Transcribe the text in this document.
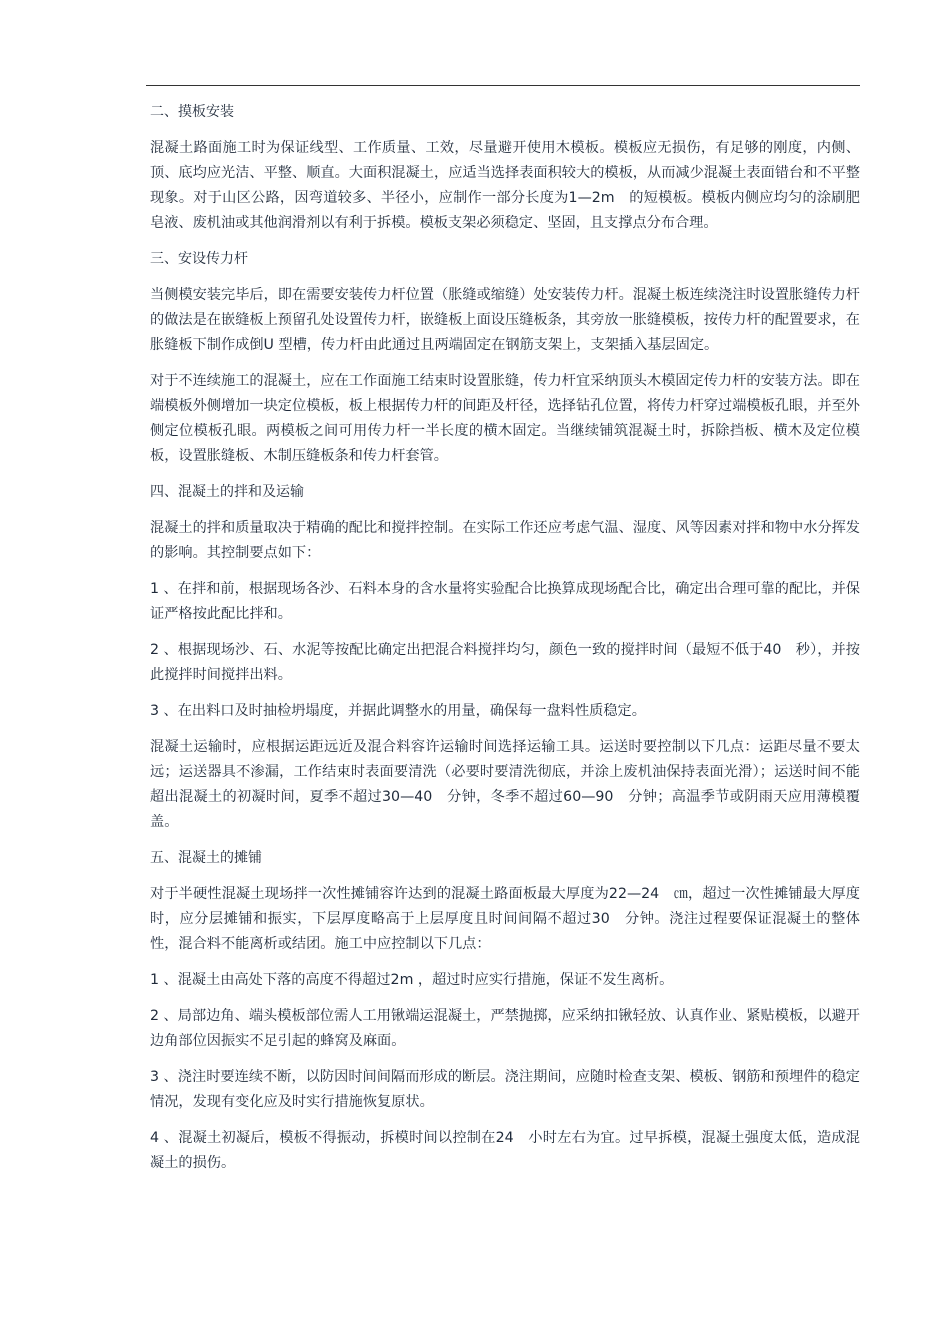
二、摸板安装

混凝土路面施工时为保证线型、工作质量、工效，尽量避开使用木模板。模板应无损伤，有足够的刚度，内侧、顶、底均应光洁、平整、顺直。大面积混凝土，应适当选择表面积较大的模板，从而减少混凝土表面错台和不平整现象。对于山区公路，因弯道较多、半径小，应制作一部分长度为1—2m　的短模板。模板内侧应均匀的涂刷肥皂液、废机油或其他润滑剂以有利于拆模。模板支架必须稳定、坚固，且支撑点分布合理。

三、安设传力杆

当侧模安装完毕后，即在需要安装传力杆位置（胀缝或缩缝）处安装传力杆。混凝土板连续浇注时设置胀缝传力杆的做法是在嵌缝板上预留孔处设置传力杆，嵌缝板上面设压缝板条，其旁放一胀缝模板，按传力杆的配置要求，在胀缝板下制作成倒U 型槽，传力杆由此通过且两端固定在钢筋支架上，支架插入基层固定。

对于不连续施工的混凝土，应在工作面施工结束时设置胀缝，传力杆宜采纳顶头木模固定传力杆的安装方法。即在端模板外侧增加一块定位模板，板上根据传力杆的间距及杆径，选择钻孔位置，将传力杆穿过端模板孔眼，并至外侧定位模板孔眼。两模板之间可用传力杆一半长度的横木固定。当继续铺筑混凝土时，拆除挡板、横木及定位模板，设置胀缝板、木制压缝板条和传力杆套管。

四、混凝土的拌和及运输

混凝土的拌和质量取决于精确的配比和搅拌控制。在实际工作还应考虑气温、湿度、风等因素对拌和物中水分挥发的影响。其控制要点如下：

1 、在拌和前，根据现场各沙、石料本身的含水量将实验配合比换算成现场配合比，确定出合理可靠的配比，并保证严格按此配比拌和。

2 、根据现场沙、石、水泥等按配比确定出把混合料搅拌均匀，颜色一致的搅拌时间（最短不低于40　秒），并按此搅拌时间搅拌出料。

3 、在出料口及时抽检坍塌度，并据此调整水的用量，确保每一盘料性质稳定。

混凝土运输时，应根据运距远近及混合料容许运输时间选择运输工具。运送时要控制以下几点：运距尽量不要太远；运送器具不渗漏，工作结束时表面要清洗（必要时要清洗彻底，并涂上废机油保持表面光滑）；运送时间不能超出混凝土的初凝时间，夏季不超过30—40　分钟，冬季不超过60—90　分钟；高温季节或阴雨天应用薄模覆盖。

五、混凝土的摊铺

对于半硬性混凝土现场拌一次性摊铺容许达到的混凝土路面板最大厚度为22—24　㎝，超过一次性摊铺最大厚度时，应分层摊铺和振实，下层厚度略高于上层厚度且时间间隔不超过30　分钟。浇注过程要保证混凝土的整体性，混合料不能离析或结团。施工中应控制以下几点：

1 、混凝土由高处下落的高度不得超过2m ，超过时应实行措施，保证不发生离析。

2 、局部边角、端头模板部位需人工用锹端运混凝土，严禁抛掷，应采纳扣锹轻放、认真作业、紧贴模板，以避开边角部位因振实不足引起的蜂窝及麻面。

3 、浇注时要连续不断，以防因时间间隔而形成的断层。浇注期间，应随时检查支架、模板、钢筋和预埋件的稳定情况，发现有变化应及时实行措施恢复原状。

4 、混凝土初凝后，模板不得振动，拆模时间以控制在24　小时左右为宜。过早拆模，混凝土强度太低，造成混凝土的损伤。
